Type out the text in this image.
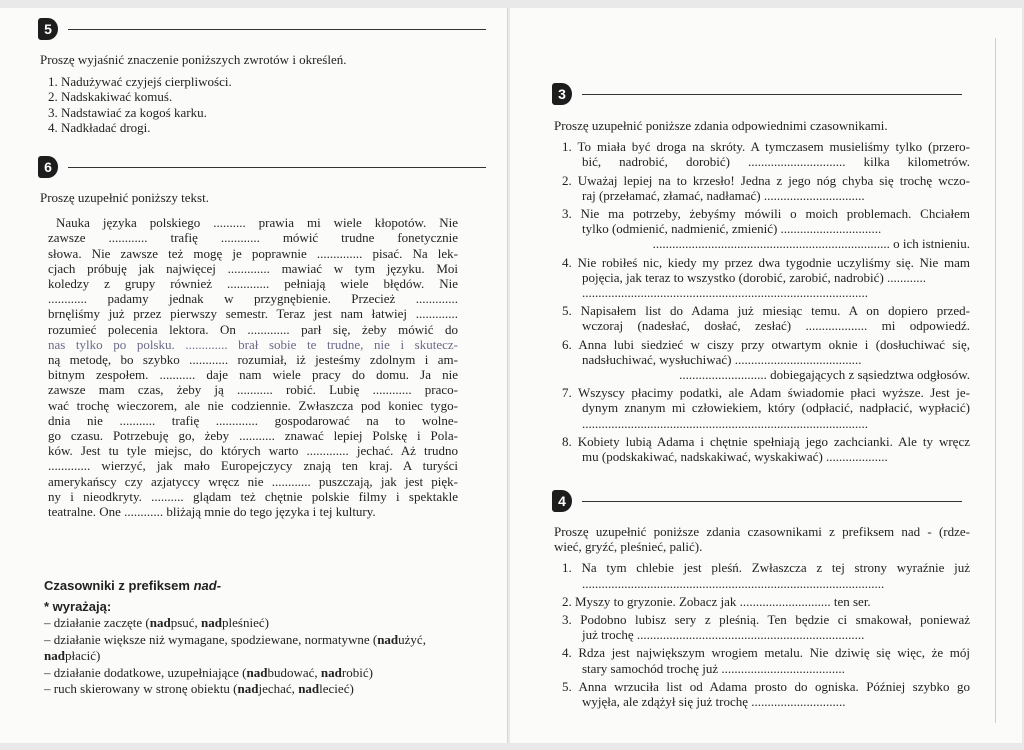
5

Proszę wyjaśnić znaczenie poniższych zwrotów i określeń.

1. Nadużywać czyjejś cierpliwości.
2. Nadskakiwać komuś.
3. Nadstawiać za kogoś karku.
4. Nadkładać drogi.
6

Proszę uzupełnić poniższy tekst.

Nauka języka polskiego .......... prawia mi wiele kłopotów. Nie
zawsze ............ trafię ............ mówić trudne fonetycznie
słowa. Nie zawsze też mogę je poprawnie .............. pisać. Na lek-
cjach próbuję jak najwięcej ............. mawiać w tym języku. Moi
koledzy z grupy również ............. pełniają wiele błędów. Nie
............ padamy jednak w przygnębienie. Przecież .............
brnęliśmy już przez pierwszy semestr. Teraz jest nam łatwiej .............
rozumieć polecenia lektora. On ............. parł się, żeby mówić do
nas tylko po polsku. ............. brał sobie te trudne, nie i skutecz-
ną metodę, bo szybko ............ rozumiał, iż jesteśmy zdolnym i am-
bitnym zespołem. ........... daje nam wiele pracy do domu. Ja nie
zawsze mam czas, żeby ją ........... robić. Lubię ............ praco-
wać trochę wieczorem, ale nie codziennie. Zwłaszcza pod koniec tygo-
dnia nie ........... trafię ............. gospodarować na to wolne-
go czasu. Potrzebuję go, żeby ........... znawać lepiej Polskę i Pola-
ków. Jest tu tyle miejsc, do których warto ............. jechać. Aż trudno
............. wierzyć, jak mało Europejczycy znają ten kraj. A turyści
amerykańscy czy azjatyccy wręcz nie ............ puszczają, jak jest pięk-
ny i nieodkryty. .......... glądam też chętnie polskie filmy i spektakle
teatralne. One ............ bliżają mnie do tego języka i tej kultury.

Czasowniki z prefiksem nad-

* wyrażają:

– działanie zaczęte (nadpsuć, nadpleśnieć)

– działanie większe niż wymagane, spodziewane, normatywne (nadużyć,
nadpłacić)

– działanie dodatkowe, uzupełniające (nadbudować, nadrobić)

– ruch skierowany w stronę obiektu (nadjechać, nadlecieć)

3

Proszę uzupełnić poniższe zdania odpowiednimi czasownikami.

1. To miała być droga na skróty. A tymczasem musieliśmy tylko (przero-
bić, nadrobić, dorobić) .............................. kilka kilometrów.
2. Uważaj lepiej na to krzesło! Jedna z jego nóg chyba się trochę wczo-
raj (przełamać, złamać, nadłamać) ...............................
3. Nie ma potrzeby, żebyśmy mówili o moich problemach. Chciałem
tylko (odmienić, nadmienić, zmienić) ...............................
......................................................................... o ich istnieniu.
4. Nie robiłeś nic, kiedy my przez dwa tygodnie uczyliśmy się. Nie mam
pojęcia, jak teraz to wszystko (dorobić, zarobić, nadrobić) ............
........................................................................................
5. Napisałem list do Adama już miesiąc temu. A on dopiero przed-
wczoraj (nadesłać, dosłać, zesłać) ................... mi odpowiedź.
6. Anna lubi siedzieć w ciszy przy otwartym oknie i (dosłuchiwać się,
nadsłuchiwać, wysłuchiwać) .......................................
........................... dobiegających z sąsiedztwa odgłosów.
7. Wszyscy płacimy podatki, ale Adam świadomie płaci wyższe. Jest je-
dynym znanym mi człowiekiem, który (odpłacić, nadpłacić, wypłacić)
........................................................................................
8. Kobiety lubią Adama i chętnie spełniają jego zachcianki. Ale ty wręcz
mu (podskakiwać, nadskakiwać, wyskakiwać) ...................
4
Proszę uzupełnić poniższe zdania czasownikami z prefiksem nad - (rdze-
wieć, gryźć, pleśnieć, palić).
1. Na tym chlebie jest pleśń. Zwłaszcza z tej strony wyraźnie już
.............................................................................................
2. Myszy to gryzonie. Zobacz jak ............................ ten ser.
3. Podobno lubisz sery z pleśnią. Ten będzie ci smakował, ponieważ
już trochę ......................................................................
4. Rdza jest największym wrogiem metalu. Nie dziwię się więc, że mój
stary samochód trochę już ......................................
5. Anna wrzuciła list od Adama prosto do ogniska. Później szybko go
wyjęła, ale zdążył się już trochę .............................
